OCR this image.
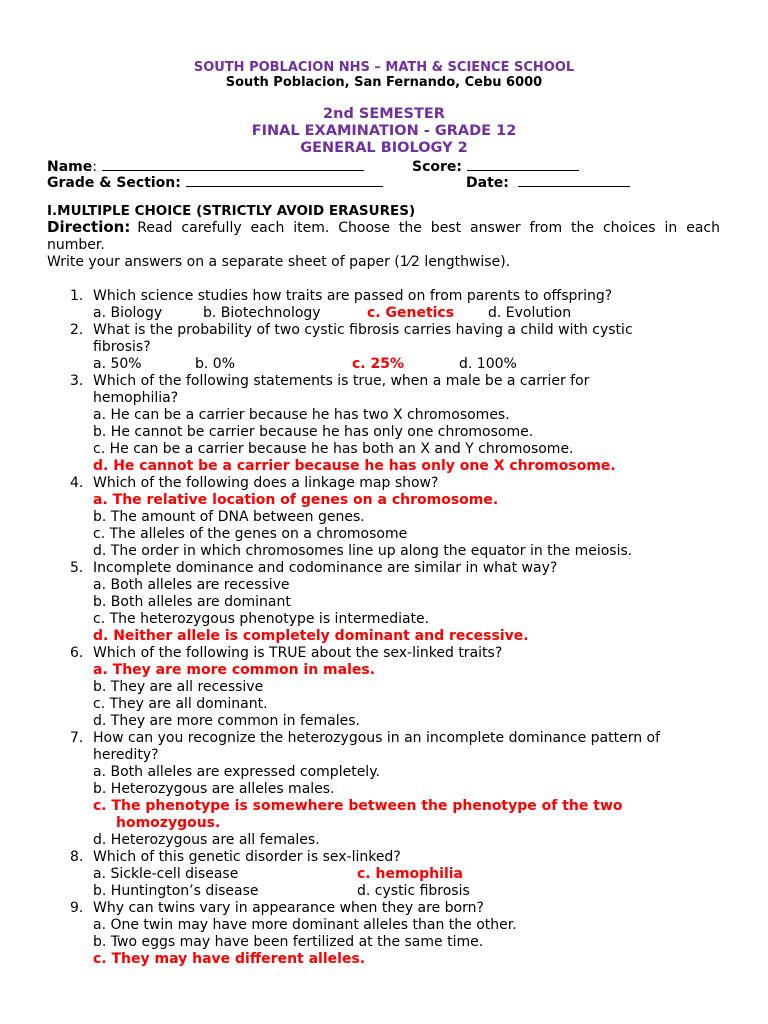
SOUTH POBLACION NHS – MATH & SCIENCE SCHOOL
South Poblacion, San Fernando, Cebu 6000
2nd SEMESTER
FINAL EXAMINATION - GRADE 12
GENERAL BIOLOGY 2
Name:	Score:
Grade & Section:	Date:
I.MULTIPLE CHOICE (STRICTLY AVOID ERASURES)
Direction: Read carefully each item. Choose the best answer from the choices in each number.
Write your answers on a separate sheet of paper (1⁄2 lengthwise).
1. Which science studies how traits are passed on from parents to offspring?
a. Biology	b. Biotechnology	c. Genetics d. Evolution
2. What is the probability of two cystic fibrosis carries having a child with cystic
fibrosis?
a. 50%	b. 0%	c. 25%	d. 100%
3. Which of the following statements is true, when a male be a carrier for
hemophilia?
a. He can be a carrier because he has two X chromosomes.
b. He cannot be carrier because he has only one chromosome.
c. He can be a carrier because he has both an X and Y chromosome.
d. He cannot be a carrier because he has only one X chromosome.
4. Which of the following does a linkage map show?
a. The relative location of genes on a chromosome.
b. The amount of DNA between genes.
c. The alleles of the genes on a chromosome
d. The order in which chromosomes line up along the equator in the meiosis.
5. Incomplete dominance and codominance are similar in what way?
a. Both alleles are recessive
b. Both alleles are dominant
c. The heterozygous phenotype is intermediate.
d. Neither allele is completely dominant and recessive.
6. Which of the following is TRUE about the sex-linked traits?
a. They are more common in males.
b. They are all recessive
c. They are all dominant.
d. They are more common in females.
7. How can you recognize the heterozygous in an incomplete dominance pattern of
heredity?
a. Both alleles are expressed completely.
b. Heterozygous are alleles males.
c. The phenotype is somewhere between the phenotype of the two
homozygous.
d. Heterozygous are all females.
8. Which of this genetic disorder is sex-linked?
a. Sickle-cell disease	c. hemophilia
b. Huntington’s disease	d. cystic fibrosis
9. Why can twins vary in appearance when they are born?
a. One twin may have more dominant alleles than the other.
b. Two eggs may have been fertilized at the same time.
c. They may have different alleles.
